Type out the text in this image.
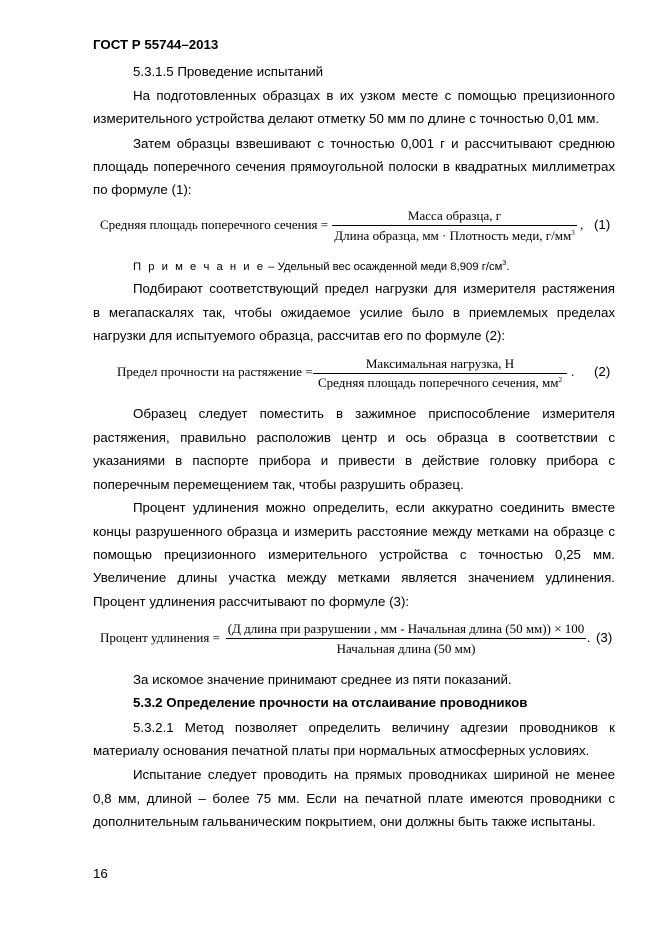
ГОСТ Р 55744–2013
5.3.1.5 Проведение испытаний
На подготовленных образцах в их узком месте с помощью прецизионного
измерительного устройства делают отметку 50 мм по длине с точностью 0,01 мм.
Затем образцы взвешивают с точностью 0,001 г и рассчитывают среднюю
площадь поперечного сечения прямоугольной полоски в квадратных миллиметрах
по формуле (1):
Средняя площадь поперечного сечения =
Масса образца, г
Длина образца, мм · Плотность меди, $г/мм^3$
, (1)
П р и м е ч а н и е – Удельный вес осажденной меди 8,909 $г/см^3$.
Подбирают соответствующий предел нагрузки для измерителя растяжения
в мегапаскалях так, чтобы ожидаемое усилие было в приемлемых пределах
нагрузки для испытуемого образца, рассчитав его по формуле (2):
Предел прочности на растяжение =
Максимальная нагрузка, Н
Средняя площадь поперечного сечения, $мм^2$
. (2)
Образец следует поместить в зажимное приспособление измерителя
растяжения, правильно расположив центр и ось образца в соответствии с
указаниями в паспорте прибора и привести в действие головку прибора с
поперечным перемещением так, чтобы разрушить образец.
Процент удлинения можно определить, если аккуратно соединить вместе
концы разрушенного образца и измерить расстояние между метками на образце с
помощью прецизионного измерительного устройства с точностью 0,25 мм.
Увеличение длины участка между метками является значением удлинения.
Процент удлинения рассчитывают по формуле (3):
Процент удлинения =
(Д длина при разрушении , мм - Начальная длина (50 мм)) × 100
Начальная длина (50 мм)
. (3)
За искомое значение принимают среднее из пяти показаний.
5.3.2 Определение прочности на отслаивание проводников
5.3.2.1 Метод позволяет определить величину адгезии проводников к
материалу основания печатной платы при нормальных атмосферных условиях.
Испытание следует проводить на прямых проводниках шириной не менее
0,8 мм, длиной – более 75 мм. Если на печатной плате имеются проводники с
дополнительным гальваническим покрытием, они должны быть также испытаны.
16
